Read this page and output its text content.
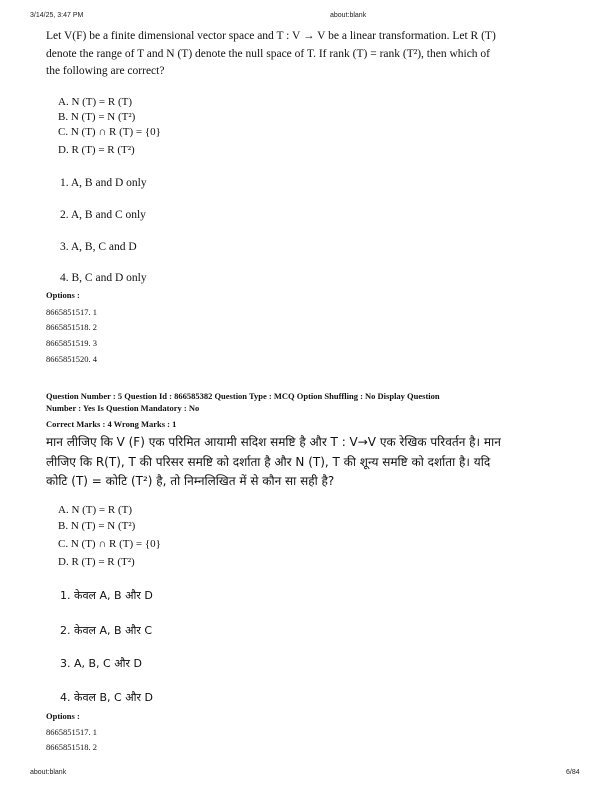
3/14/25, 3:47 PM	about:blank
Let V(F) be a finite dimensional vector space and T : V → V be a linear transformation. Let R (T)
denote the range of T and N (T) denote the null space of T. If rank (T) = rank (T²), then which of
the following are correct?
A. N (T) = R (T)
B. N (T) = N (T²)
C. N (T) ∩ R (T) = {0}
D. R (T) = R (T²)
1. A, B and D only
2. A, B and C only
3. A, B, C and D
4. B, C and D only
Options :
8665851517. 1
8665851518. 2
8665851519. 3
8665851520. 4
Question Number : 5 Question Id : 866585382 Question Type : MCQ Option Shuffling : No Display Question
Number : Yes Is Question Mandatory : No
Correct Marks : 4 Wrong Marks : 1
मान लीजिए कि V (F) एक परिमित आयामी सदिश समष्टि है और T : V→V एक रेखिक परिवर्तन है। मान
लीजिए कि R(T), T की परिसर समष्टि को दर्शाता है और N (T), T की शून्य समष्टि को दर्शाता है। यदि
कोटि (T) = कोटि (T²) है, तो निम्नलिखित में से कौन सा सही है?
A. N (T) = R (T)
B. N (T) = N (T²)
C. N (T) ∩ R (T) = {0}
D. R (T) = R (T²)
1. केवल A, B और D
2. केवल A, B और C
3. A, B, C और D
4. केवल B, C और D
Options :
8665851517. 1
8665851518. 2
about:blank	6/84
